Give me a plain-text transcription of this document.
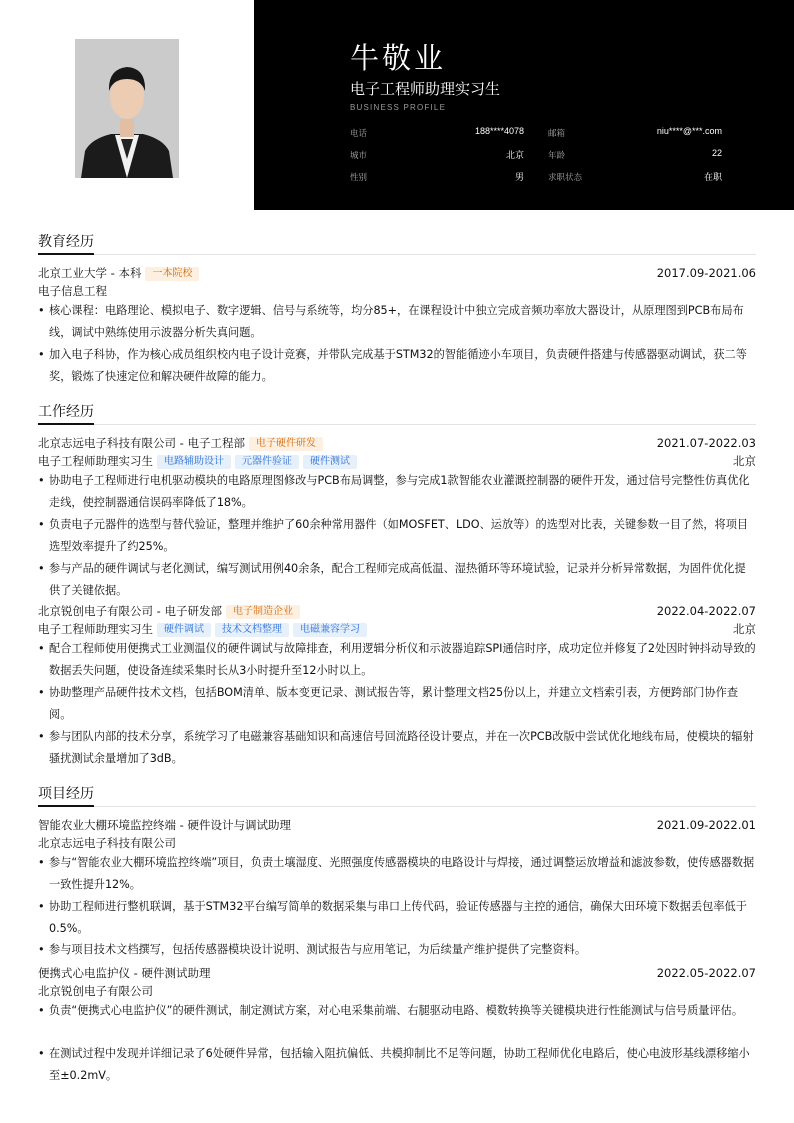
牛敬业
电子工程师助理实习生
BUSINESS PROFILE
电话	188****4078	邮箱	niu****@***.com
城市	北京	年龄	22
性别	男	求职状态	在职
教育经历
北京工业大学 - 本科 一本院校	2017.09-2021.06
电子信息工程
• 核心课程：电路理论、模拟电子、数字逻辑、信号与系统等，均分85+，在课程设计中独立完成音频功率放大器设计，从原理图到PCB布局布线，调试中熟练使用示波器分析失真问题。
• 加入电子科协，作为核心成员组织校内电子设计竞赛，并带队完成基于STM32的智能循迹小车项目，负责硬件搭建与传感器驱动调试，获二等奖，锻炼了快速定位和解决硬件故障的能力。
工作经历
北京志远电子科技有限公司 - 电子工程部 电子硬件研发	2021.07-2022.03
电子工程师助理实习生 电路辅助设计 元器件验证 硬件测试	北京
• 协助电子工程师进行电机驱动模块的电路原理图修改与PCB布局调整，参与完成1款智能农业灌溉控制器的硬件开发，通过信号完整性仿真优化走线，使控制器通信误码率降低了18%。
• 负责电子元器件的选型与替代验证，整理并维护了60余种常用器件（如MOSFET、LDO、运放等）的选型对比表，关键参数一目了然，将项目选型效率提升了约25%。
• 参与产品的硬件调试与老化测试，编写测试用例40余条，配合工程师完成高低温、湿热循环等环境试验，记录并分析异常数据，为固件优化提供了关键依据。
北京锐创电子有限公司 - 电子研发部 电子制造企业	2022.04-2022.07
电子工程师助理实习生 硬件调试 技术文档整理 电磁兼容学习	北京
• 配合工程师使用便携式工业测温仪的硬件调试与故障排查，利用逻辑分析仪和示波器追踪SPI通信时序，成功定位并修复了2处因时钟抖动导致的数据丢失问题，使设备连续采集时长从3小时提升至12小时以上。
• 协助整理产品硬件技术文档，包括BOM清单、版本变更记录、测试报告等，累计整理文档25份以上，并建立文档索引表，方便跨部门协作查阅。
• 参与团队内部的技术分享，系统学习了电磁兼容基础知识和高速信号回流路径设计要点，并在一次PCB改版中尝试优化地线布局，使模块的辐射骚扰测试余量增加了3dB。
项目经历
智能农业大棚环境监控终端 - 硬件设计与调试助理	2021.09-2022.01
北京志远电子科技有限公司
• 参与“智能农业大棚环境监控终端”项目，负责土壤湿度、光照强度传感器模块的电路设计与焊接，通过调整运放增益和滤波参数，使传感器数据一致性提升12%。
• 协助工程师进行整机联调，基于STM32平台编写简单的数据采集与串口上传代码，验证传感器与主控的通信，确保大田环境下数据丢包率低于0.5%。
• 参与项目技术文档撰写，包括传感器模块设计说明、测试报告与应用笔记，为后续量产维护提供了完整资料。
便携式心电监护仪 - 硬件测试助理	2022.05-2022.07
北京锐创电子有限公司
• 负责“便携式心电监护仪”的硬件测试，制定测试方案，对心电采集前端、右腿驱动电路、模数转换等关键模块进行性能测试与信号质量评估。
• 在测试过程中发现并详细记录了6处硬件异常，包括输入阻抗偏低、共模抑制比不足等问题，协助工程师优化电路后，使心电波形基线漂移缩小至±0.2mV。
